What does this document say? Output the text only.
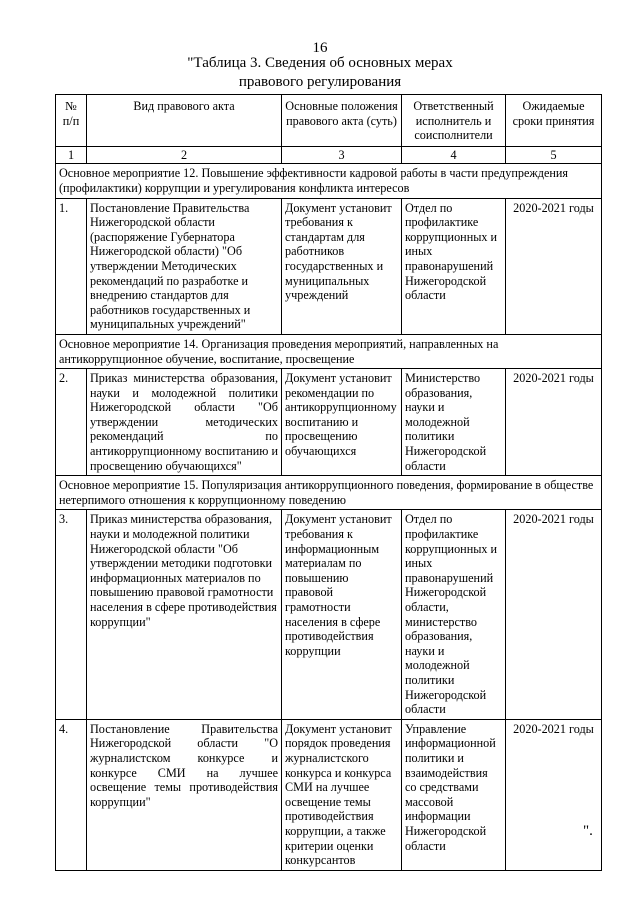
16
"Таблица 3. Сведения об основных мерах
правового регулирования
№ п/п	Вид правового акта	Основные положения правового акта (суть)	Ответственный исполнитель и соисполнители	Ожидаемые сроки принятия
1	2	3	4	5
Основное мероприятие 12. Повышение эффективности кадровой работы в части предупреждения (профилактики) коррупции и урегулирования конфликта интересов				
1.	Постановление Правительства Нижегородской области (распоряжение Губернатора Нижегородской области) "Об утверждении Методических рекомендаций по разработке и внедрению стандартов для работников государственных и муниципальных учреждений"	Документ установит требования к стандартам для работников государственных и муниципальных учреждений	Отдел по профилактике коррупционных и иных правонарушений Нижегородской области	2020-2021 годы
Основное мероприятие 14. Организация проведения мероприятий, направленных на антикоррупционное обучение, воспитание, просвещение				
2.	Приказ министерства образования, науки и молодежной политики Нижегородской области "Об утверждении методических рекомендаций по антикоррупционному воспитанию и просвещению обучающихся"	Документ установит рекомендации по антикоррупционному воспитанию и просвещению обучающихся	Министерство образования, науки и молодежной политики Нижегородской области	2020-2021 годы
Основное мероприятие 15. Популяризация антикоррупционного поведения, формирование в обществе нетерпимого отношения к коррупционному поведению				
3.	Приказ министерства образования, науки и молодежной политики Нижегородской области "Об утверждении методики подготовки информационных материалов по повышению правовой грамотности населения в сфере противодействия коррупции"	Документ установит требования к информационным материалам по повышению правовой грамотности населения в сфере противодействия коррупции	Отдел по профилактике коррупционных и иных правонарушений Нижегородской области, министерство образования, науки и молодежной политики Нижегородской области	2020-2021 годы
4.	Постановление Правительства Нижегородской области "О журналистском конкурсе и конкурсе СМИ на лучшее освещение темы противодействия коррупции"	Документ установит порядок проведения журналистского конкурса и конкурса СМИ на лучшее освещение темы противодействия коррупции, а также критерии оценки конкурсантов	Управление информационной политики и взаимодействия со средствами массовой информации Нижегородской области	2020-2021 годы
".
